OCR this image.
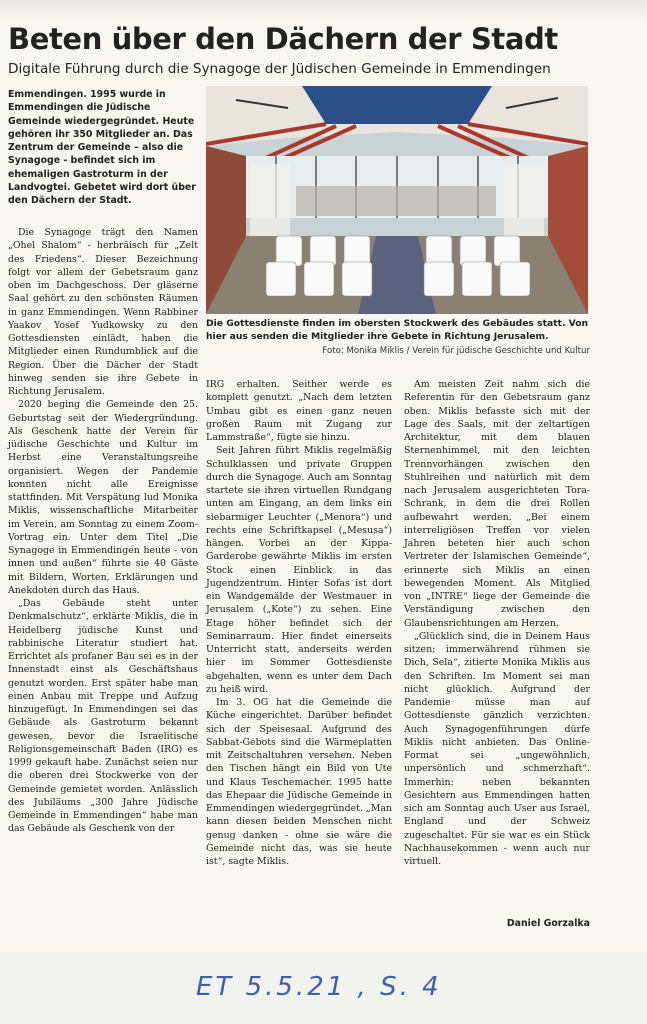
Beten über den Dächern der Stadt
Digitale Führung durch die Synagoge der Jüdischen Gemeinde in Emmendingen
Emmendingen. 1995 wurde in Emmendingen die Jüdische Gemeinde wiedergegründet. Heute gehören ihr 350 Mitglieder an. Das Zentrum der Gemeinde – also die Synagoge - befindet sich im ehemaligen Gastroturm in der Landvogtei. Gebetet wird dort über den Dächern der Stadt.
Die Gottesdienste finden im obersten Stockwerk des Gebäudes statt. Von hier aus senden die Mitglieder ihre Gebete in Richtung Jerusalem.
Foto: Monika Miklis / Verein für jüdische Geschichte und Kultur

Die Synagoge trägt den Namen „Ohel Shalom“ - herbräisch für „Zelt des Friedens“. Dieser Bezeichnung folgt vor allem der Gebetsraum ganz oben im Dachgeschoss. Der gläserne Saal gehört zu den schönsten Räumen in ganz Emmendingen. Wenn Rabbiner Yaakov Yosef Yudkowsky zu den Gottesdiensten einlädt, haben die Mitglieder einen Rundumblick auf die Region. Über die Dächer der Stadt hinweg senden sie ihre Gebete in Richtung Jerusalem.

2020 beging die Gemeinde den 25. Geburtstag seit der Wiedergründung. Als Geschenk hatte der Verein für jüdische Geschichte und Kultur im Herbst eine Veranstaltungsreihe organisiert. Wegen der Pandemie konnten nicht alle Ereignisse stattfinden. Mit Verspätung lud Monika Miklis, wissenschaftliche Mitarbeiter im Verein, am Sonntag zu einem Zoom-Vortrag ein. Unter dem Titel „Die Synagoge in Emmendingen heute - von innen und außen“ führte sie 40 Gäste mit Bildern, Worten, Erklärungen und Anekdoten durch das Haus.

„Das Gebäude steht unter Denkmalschutz“, erklärte Miklis, die in Heidelberg jüdische Kunst und rabbinische Literatur studiert hat. Errichtet als profaner Bau sei es in der Innenstadt einst als Geschäftshaus genutzt worden. Erst später habe man einen Anbau mit Treppe und Aufzug hinzugefügt. In Emmendingen sei das Gebäude als Gastroturm bekannt gewesen, bevor die Israelitische Religionsgemeinschaft Baden (IRG) es 1999 gekauft habe. Zunächst seien nur die oberen drei Stockwerke von der Gemeinde gemietet worden. Anlässlich des Jubiläums „300 Jahre Jüdische Gemeinde in Emmendingen“ habe man das Gebäude als Geschenk von der

IRG erhalten. Seither werde es komplett genutzt. „Nach dem letzten Umbau gibt es einen ganz neuen großen Raum mit Zugang zur Lammstraße“, fügte sie hinzu.

Seit Jahren führt Miklis regelmäßig Schulklassen und private Gruppen durch die Synagoge. Auch am Sonntag startete sie ihren virtuellen Rundgang unten am Eingang, an dem links ein siebarmiger Leuchter („Menora“) und rechts eine Schriftkapsel („Mesusa“) hängen. Vorbei an der Kippa-Garderobe gewährte Miklis im ersten Stock einen Einblick in das Jugendzentrum. Hinter Sofas ist dort ein Wandgemälde der Westmauer in Jerusalem („Kote“) zu sehen. Eine Etage höher befindet sich der Seminarraum. Hier findet einerseits Unterricht statt, anderseits werden hier im Sommer Gottesdienste abgehalten, wenn es unter dem Dach zu heiß wird.

Im 3. OG hat die Gemeinde die Küche eingerichtet. Darüber befindet sich der Speisesaal. Aufgrund des Sabbat-Gebots sind die Wärmeplatten mit Zeitschaltuhren versehen. Neben den Tischen hängt ein Bild von Ute und Klaus Teschemacher. 1995 hatte das Ehepaar die Jüdische Gemeinde in Emmendingen wiedergegründet. „Man kann diesen beiden Menschen nicht genug danken - ohne sie wäre die Gemeinde nicht das, was sie heute ist“, sagte Miklis.

Am meisten Zeit nahm sich die Referentin für den Gebetsraum ganz oben. Miklis befasste sich mit der Lage des Saals, mit der zeltartigen Architektur, mit dem blauen Sternenhimmel, mit den leichten Trennvorhängen zwischen den Stuhlreihen und natürlich mit dem nach Jerusalem ausgerichteten Tora-Schrank, in dem die drei Rollen aufbewahrt werden. „Bei einem interreligiösen Treffen vor vielen Jahren beteten hier auch schon Vertreter der Islamischen Gemeinde“, erinnerte sich Miklis an einen bewegenden Moment. Als Mitglied von „INTRE“ liege der Gemeinde die Verständigung zwischen den Glaubensrichtungen am Herzen.

„Glücklich sind, die in Deinem Haus sitzen; immerwährend rühmen sie Dich, Sela“, zitierte Monika Miklis aus den Schriften. Im Moment sei man nicht glücklich. Aufgrund der Pandemie müsse man auf Gottesdienste gänzlich verzichten. Auch Synagogenführungen dürfe Miklis nicht anbieten. Das Online-Format sei „ungewöhnlich, unpersönlich und schmerzhaft“. Immerhin: neben bekannten Gesichtern aus Emmendingen hatten sich am Sonntag auch User aus Israel, England und der Schweiz zugeschaltet. Für sie war es ein Stück Nachhausekommen - wenn auch nur virtuell.

Daniel Gorzalka
ET 5.5.21 , S. 4
